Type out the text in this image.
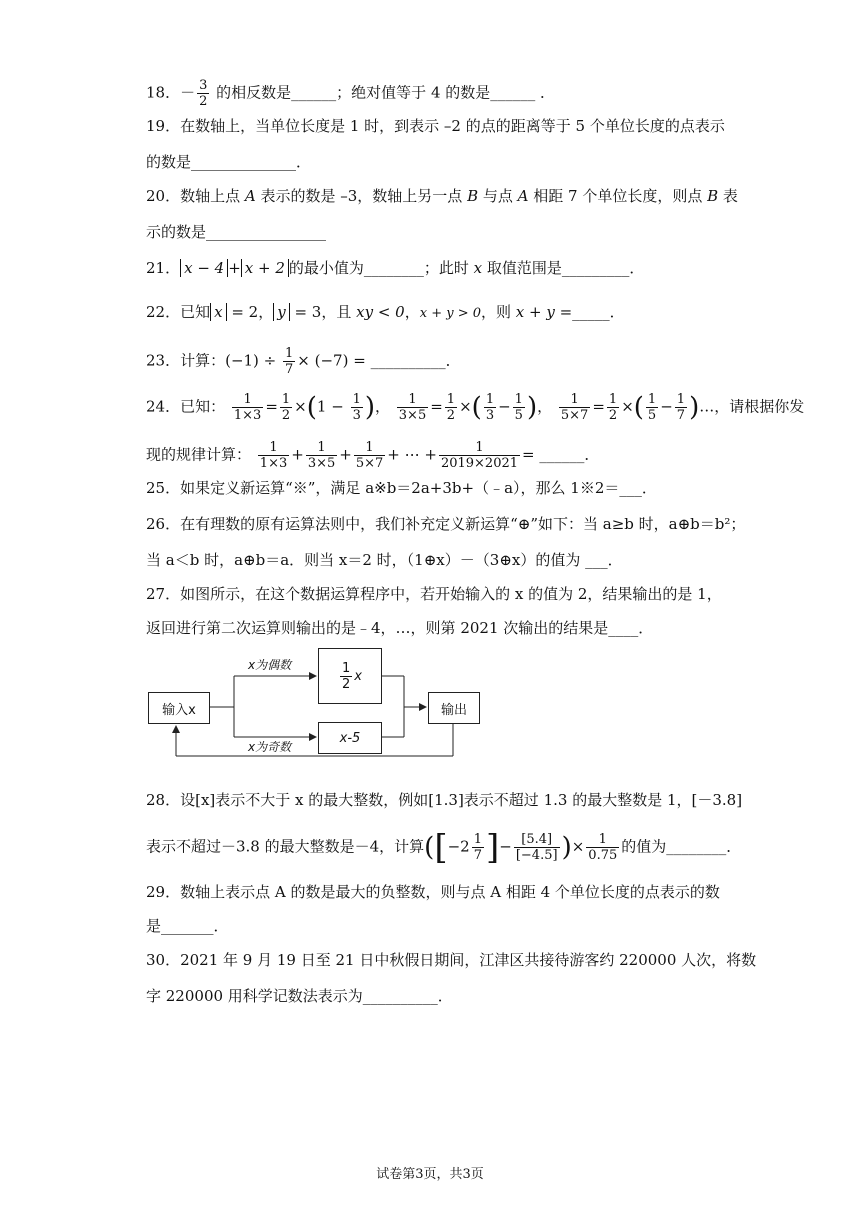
18．－ $\frac{3}{2}$ 的相反数是______；绝对值等于 4 的数是______ ．
19．在数轴上，当单位长度是 1 时，到表示 –2 的点的距离等于 5 个单位长度的点表示
的数是______________．
20．数轴上点 A 表示的数是 –3，数轴上另一点 B 与点 A 相距 7 个单位长度，则点 B 表
示的数是________________
21． x − 4 + x + 2 的最小值为________；此时 x 取值范围是_________．
22．已知 x = 2， y = 3，且 xy < 0，x + y > 0，则 x + y =_____．
23．计算：$(-1) \div \frac{1}{7} \times (-7)$ = __________．
24．已知： $\frac{1}{1\times 3} = \frac{1}{2} \times(1 - \frac{1}{3}$ )， $\frac{1}{3\times 5} = \frac{1}{2}$ ×( $\frac{1}{3} - \frac{1}{5}$ )， $\frac{1}{5\times 7} = \frac{1}{2}$ ×( $\frac{1}{5} - \frac{1}{7}$ )…，请根据你发
现的规律计算： $\frac{1}{1\times 3} + \frac{1}{3\times 5} + \frac{1}{5\times 7}$ + ⋯ + $\frac{1}{2019\times 2021}$ = ______．
25．如果定义新运算“※”，满足 a※b＝2a+3b+（﹣a），那么 1※2＝___．
26．在有理数的原有运算法则中，我们补充定义新运算“⊕”如下：当 a≥b 时，a⊕b＝b²；
当 a＜b 时，a⊕b＝a．则当 x＝2 时，（1⊕x）－（3⊕x）的值为 ___．
27．如图所示，在这个数据运算程序中，若开始输入的 x 的值为 2，结果输出的是 1，
返回进行第二次运算则输出的是﹣4，…，则第 2021 次输出的结果是____．
输入x
x为偶数
x为奇数
$\frac{1}{2}$ x
x-5
输出
28．设[x]表示不大于 x 的最大整数，例如[1.3]表示不超过 1.3 的最大整数是 1，[－3.8]
表示不超过－3.8 的最大整数是－4，计算([$-2 \frac{1}{7}$ ]− $\frac{[5.4]}{[-4.5]}$ )× $\frac{1}{0.75}$ 的值为________．
29．数轴上表示点 A 的数是最大的负整数，则与点 A 相距 4 个单位长度的点表示的数
是_______．
30．2021 年 9 月 19 日至 21 日中秋假日期间，江津区共接待游客约 220000 人次，将数
字 220000 用科学记数法表示为__________．
试卷第3页，共3页
